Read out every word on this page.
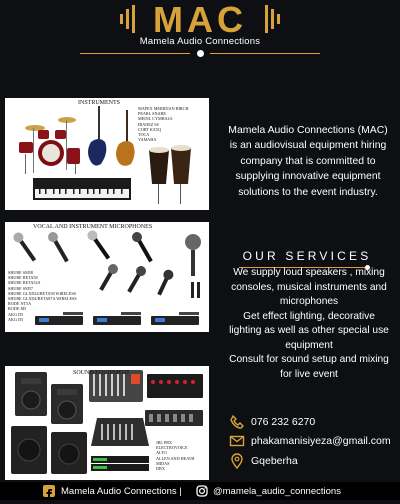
MAC
Mamela Audio Connections
INSTRUMENTS
MAPEX MERIDIAN BIRCH
PEARL SNARE
MEINL CYMBALS
IBANEZ 6S
CORT KX5Q
TOCA
YAMAHA
VOCAL AND INSTRUMENT MICROPHONES
SHURE SM58
SHURE BETA58
SHURE BETA52A
SHURE SM57
SHURE GLXD24/BETA58 WIRELESS
SHURE GLXD4/BETA87A WIRELESS
RODE NT5A
RODE M5
AKG D5
AKG D5
SOUND EQUIPMENT
JBL PRX
ELECTROVOICE
ALTO
ALLEN AND HEATH
MIDAS
DBX
Mamela Audio Connections (MAC) is an audiovisual equipment hiring company that is committed to supplying innovative equipment solutions to the event industry.
OUR SERVICES
We supply loud speakers , mixing consoles, musical instruments and microphones
Get effect lighting, decorative lighting as well as other special use equipment
Consult for sound setup and mixing for live event
076 232 6270
phakamanisiyeza@gmail.com
Gqeberha
Mamela Audio Connections |	@mamela_audio_connections
